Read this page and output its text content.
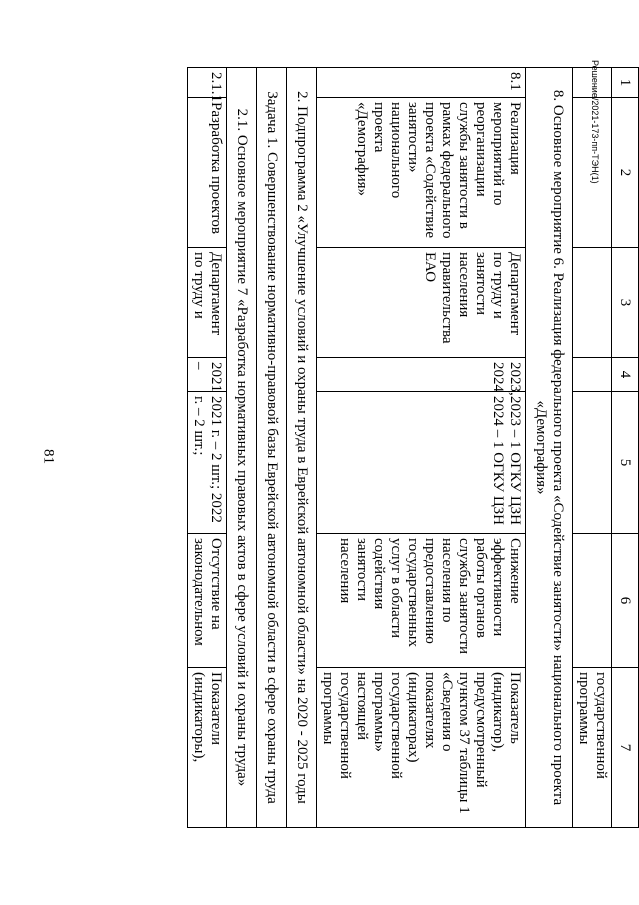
81
Решение/2021-173-пп-ТЭН(1) 1	2	3	4	5	6	7
						государственной программы
8. Основное мероприятие 6. Реализация федерального проекта «Содействие занятости» национального проекта «Демография»						
8.1	Реализация мероприятий по реорганизации службы занятости в рамках федерального проекта «Содействие занятости» национального проекта «Демография»	Департамент по труду и занятости населения правительства ЕАО	2023, 2024	2023 – 1 ОГКУ ЦЗН 2024 – 1 ОГКУ ЦЗН	Снижение эффективности работы органов службы занятости населения по предоставлению государственных услуг в области содействия занятости населения	Показатель (индикатор), предусмотренный пунктом 37 таблицы 1 «Сведения о показателях (индикаторах) государственной программы» настоящей государственной программы
2. Подпрограмма 2 «Улучшение условий и охраны труда в Еврейской автономной области» на 2020 - 2025 годы						
Задача 1. Совершенствование нормативно-правовой базы Еврейской автономной области в сфере охраны труда						
2.1. Основное мероприятие 7 «Разработка нормативных правовых актов в сфере условий и охраны труда»						
2.1.1	Разработка проектов	Департамент по труду и	2021 –	2021 г. – 2 шт.; 2022 г. – 2 шт.;	Отсутствие на законодательном	Показатели (индикаторы),
